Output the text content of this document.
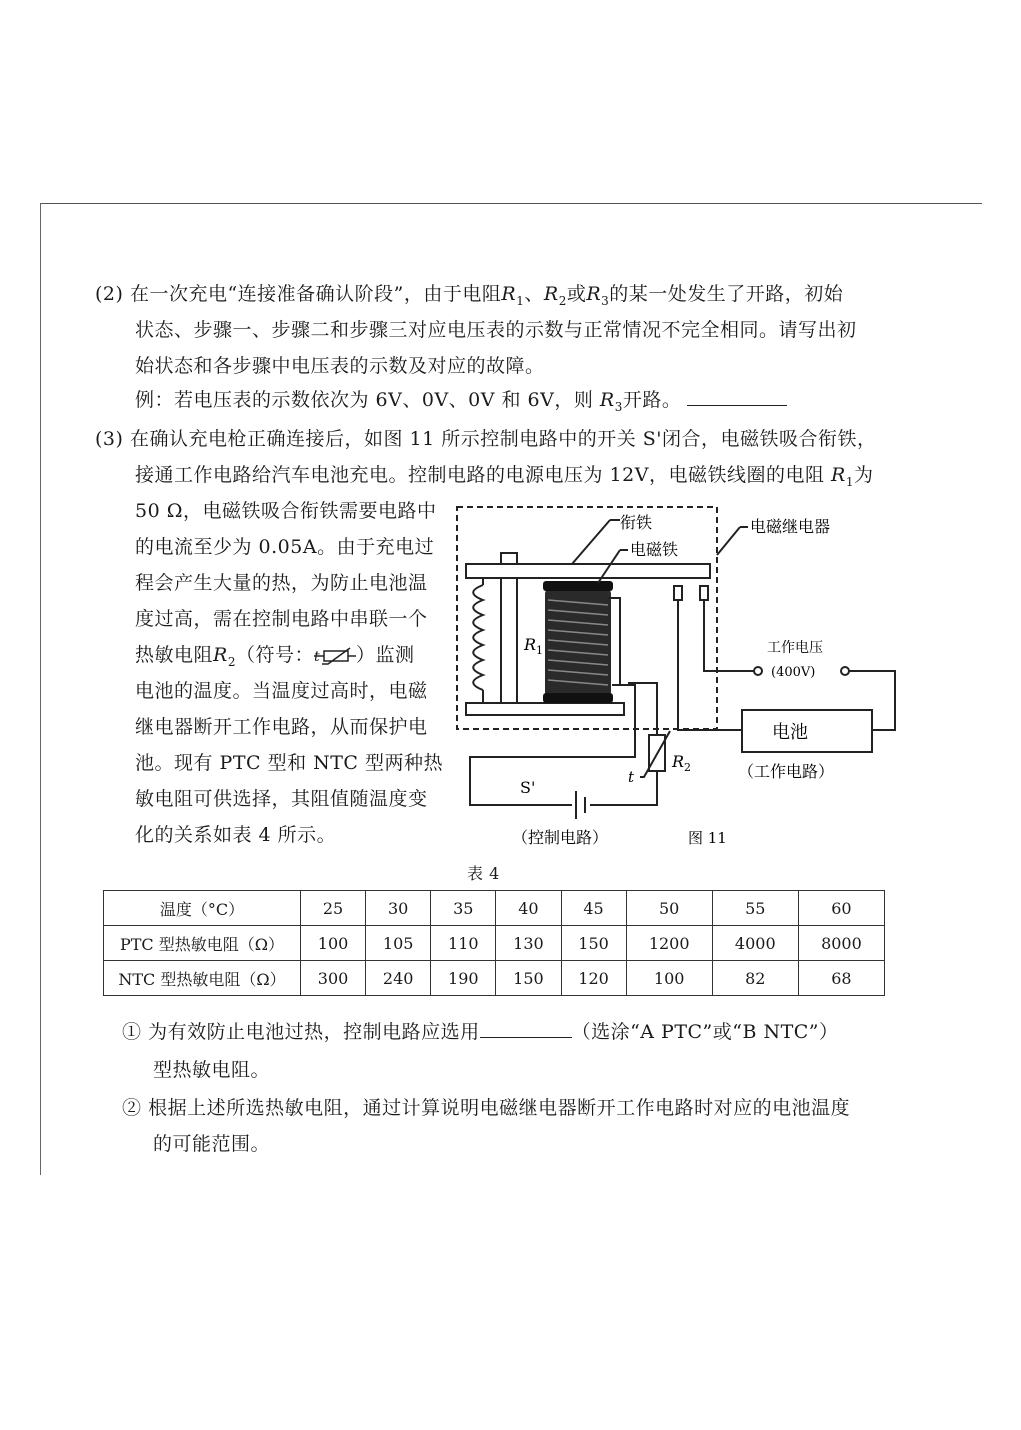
(2) 在一次充电“连接准备确认阶段”，由于电阻$R_1$、$R_2$或$R_3$的某一处发生了开路，初始
状态、步骤一、步骤二和步骤三对应电压表的示数与正常情况不完全相同。请写出初
始状态和各步骤中电压表的示数及对应的故障。
例：若电压表的示数依次为 6V、0V、0V 和 6V，则 $R_3$开路。
(3) 在确认充电枪正确连接后，如图 11 所示控制电路中的开关 S'闭合，电磁铁吸合衔铁，
接通工作电路给汽车电池充电。控制电路的电源电压为 12V，电磁铁线圈的电阻 $R_1$为
50 Ω，电磁铁吸合衔铁需要电路中
的电流至少为 0.05A。由于充电过
程会产生大量的热，为防止电池温
度过高，需在控制电路中串联一个
热敏电阻$R_2$（符号： t ）监测
电池的温度。当温度过高时，电磁
继电器断开工作电路，从而保护电
池。现有 PTC 型和 NTC 型两种热
敏电阻可供选择，其阻值随温度变
化的关系如表 4 所示。
衔铁
电磁铁
电磁继电器
$R_1$	工作电压
(400V)
电池
（工作电路）
t
$R_2$
S'
（控制电路）	图 11
表 4
温度（°C）	25	30	35	40	45	50	55	60
PTC 型热敏电阻（Ω）	100	105	110	130	150	1200	4000	8000
NTC 型热敏电阻（Ω）	300	240	190	150	120	100	82	68
① 为有效防止电池过热，控制电路应选用	（选涂“A PTC”或“B NTC”）
型热敏电阻。
② 根据上述所选热敏电阻，通过计算说明电磁继电器断开工作电路时对应的电池温度
的可能范围。
